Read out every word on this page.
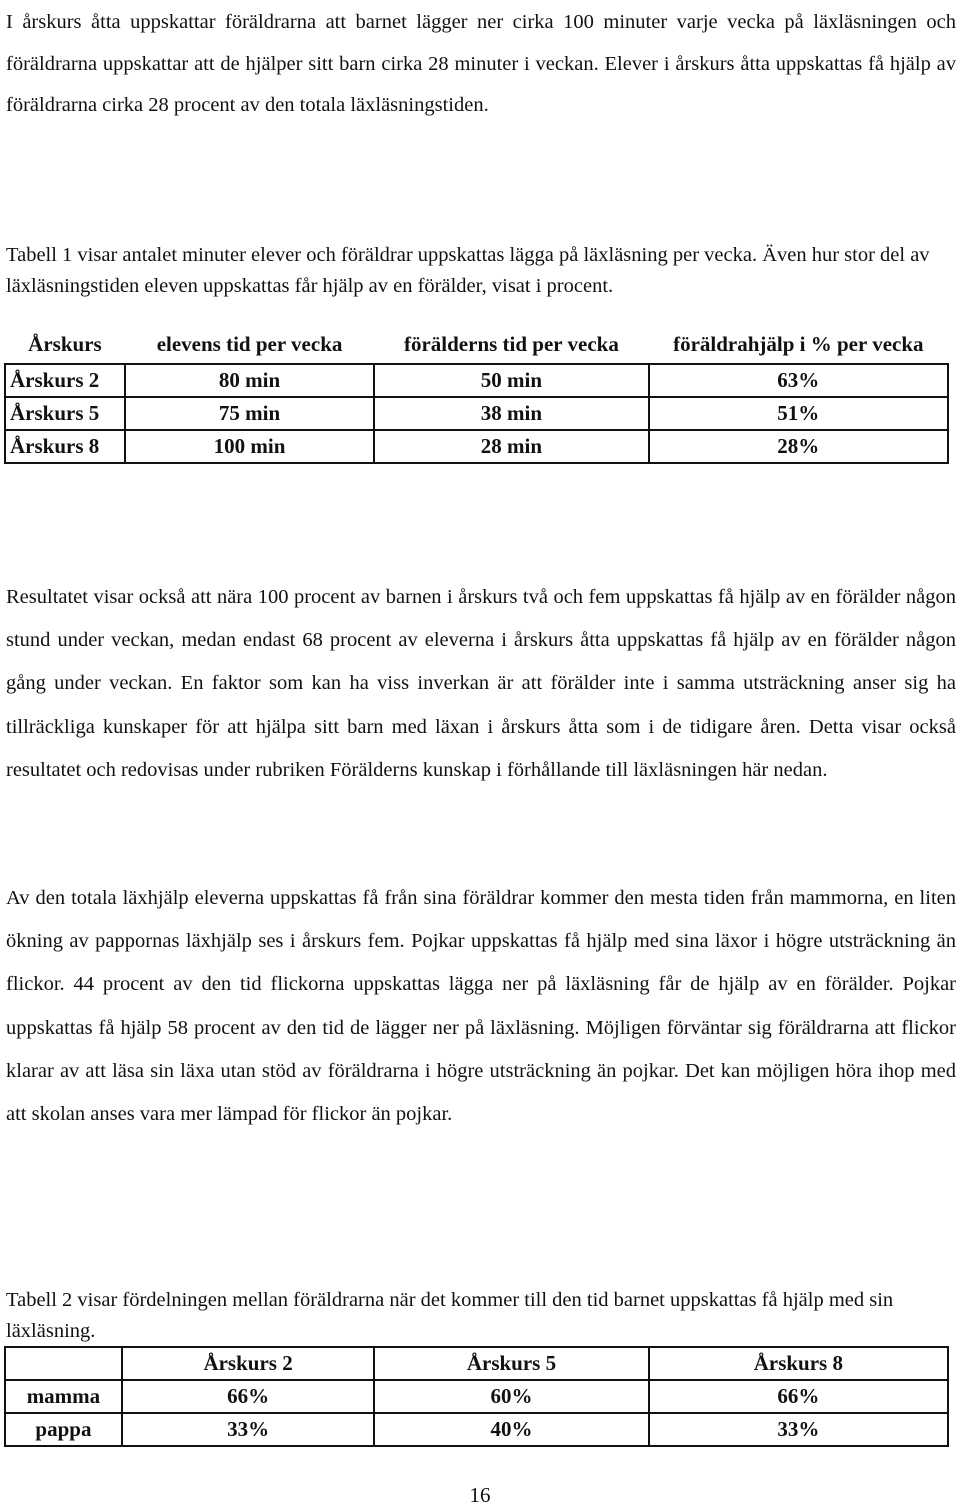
I årskurs åtta uppskattar föräldrarna att barnet lägger ner cirka 100 minuter varje vecka på läxläsningen och föräldrarna uppskattar att de hjälper sitt barn cirka 28 minuter i veckan. Elever i årskurs åtta uppskattas få hjälp av föräldrarna cirka 28 procent av den totala läxläsningstiden.

Tabell 1 visar antalet minuter elever och föräldrar uppskattas lägga på läxläsning per vecka. Även hur stor del av läxläsningstiden eleven uppskattas får hjälp av en förälder, visat i procent.

Årskurs	elevens tid per vecka	förälderns tid per vecka	föräldrahjälp i % per vecka
Årskurs 2	80 min	50 min	63%
Årskurs 5	75 min	38 min	51%
Årskurs 8	100 min	28 min	28%

Resultatet visar också att nära 100 procent av barnen i årskurs två och fem uppskattas få hjälp av en förälder någon stund under veckan, medan endast 68 procent av eleverna i årskurs åtta uppskattas få hjälp av en förälder någon gång under veckan. En faktor som kan ha viss inverkan är att förälder inte i samma utsträckning anser sig ha tillräckliga kunskaper för att hjälpa sitt barn med läxan i årskurs åtta som i de tidigare åren. Detta visar också resultatet och redovisas under rubriken Förälderns kunskap i förhållande till läxläsningen här nedan.

Av den totala läxhjälp eleverna uppskattas få från sina föräldrar kommer den mesta tiden från mammorna, en liten ökning av pappornas läxhjälp ses i årskurs fem. Pojkar uppskattas få hjälp med sina läxor i högre utsträckning än flickor. 44 procent av den tid flickorna uppskattas lägga ner på läxläsning får de hjälp av en förälder. Pojkar uppskattas få hjälp 58 procent av den tid de lägger ner på läxläsning. Möjligen förväntar sig föräldrarna att flickor klarar av att läsa sin läxa utan stöd av föräldrarna i högre utsträckning än pojkar. Det kan möjligen höra ihop med att skolan anses vara mer lämpad för flickor än pojkar.

Tabell 2 visar fördelningen mellan föräldrarna när det kommer till den tid barnet uppskattas få hjälp med sin läxläsning.

	Årskurs 2	Årskurs 5	Årskurs 8
mamma	66%	60%	66%
pappa	33%	40%	33%
16
